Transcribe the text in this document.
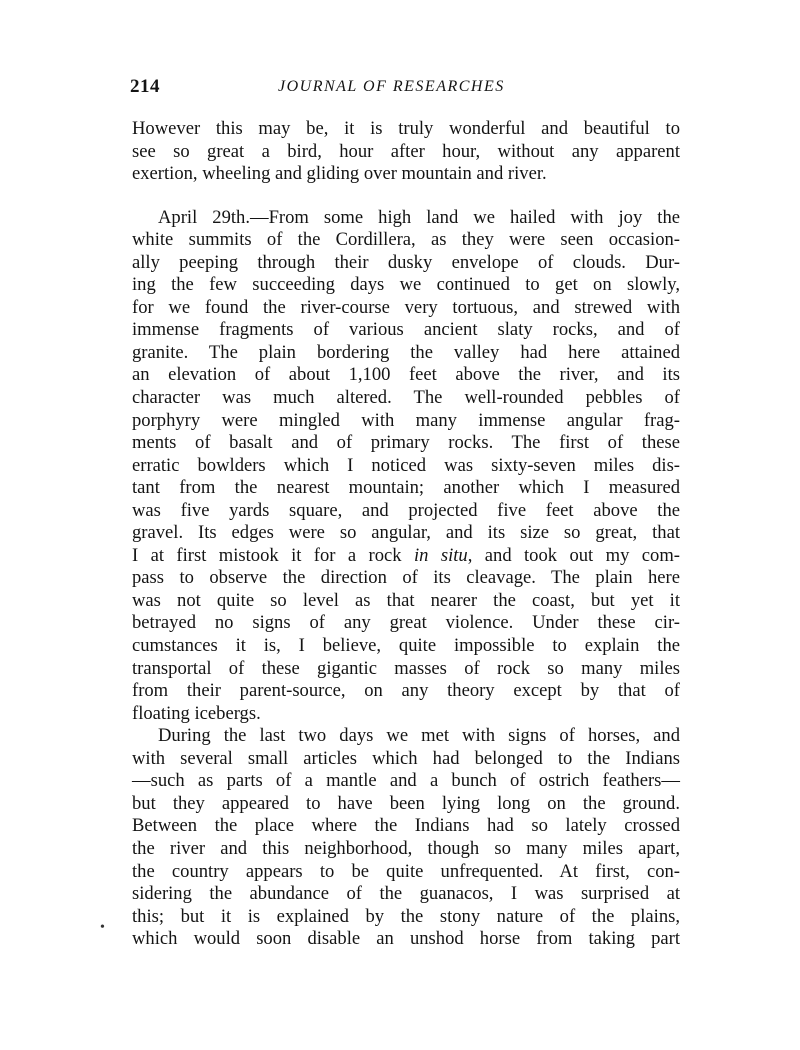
214	JOURNAL OF RESEARCHES
However this may be, it is truly wonderful and beautiful to
see so great a bird, hour after hour, without any apparent
exertion, wheeling and gliding over mountain and river.
April 29th.—From some high land we hailed with joy the
white summits of the Cordillera, as they were seen occasion-
ally peeping through their dusky envelope of clouds. Dur-
ing the few succeeding days we continued to get on slowly,
for we found the river-course very tortuous, and strewed with
immense fragments of various ancient slaty rocks, and of
granite. The plain bordering the valley had here attained
an elevation of about 1,100 feet above the river, and its
character was much altered. The well-rounded pebbles of
porphyry were mingled with many immense angular frag-
ments of basalt and of primary rocks. The first of these
erratic bowlders which I noticed was sixty-seven miles dis-
tant from the nearest mountain; another which I measured
was five yards square, and projected five feet above the
gravel. Its edges were so angular, and its size so great, that
I at first mistook it for a rock in situ, and took out my com-
pass to observe the direction of its cleavage. The plain here
was not quite so level as that nearer the coast, but yet it
betrayed no signs of any great violence. Under these cir-
cumstances it is, I believe, quite impossible to explain the
transportal of these gigantic masses of rock so many miles
from their parent-source, on any theory except by that of
floating icebergs.
During the last two days we met with signs of horses, and
with several small articles which had belonged to the Indians
—such as parts of a mantle and a bunch of ostrich feathers—
but they appeared to have been lying long on the ground.
Between the place where the Indians had so lately crossed
the river and this neighborhood, though so many miles apart,
the country appears to be quite unfrequented. At first, con-
sidering the abundance of the guanacos, I was surprised at
this; but it is explained by the stony nature of the plains,
which would soon disable an unshod horse from taking part
•
